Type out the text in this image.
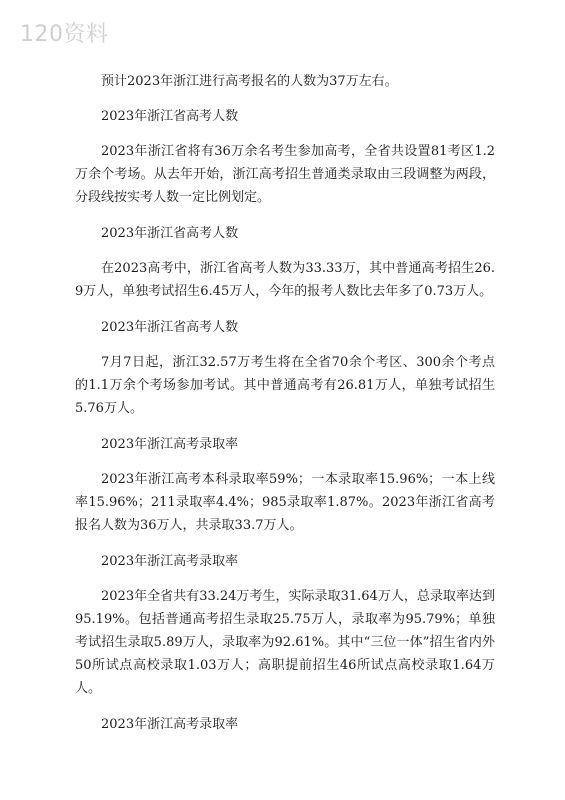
120资料

预计2023年浙江进行高考报名的人数为37万左右。

2023年浙江省高考人数

2023年浙江省将有36万余名考生参加高考，全省共设置81考区1.2万余个考场。从去年开始，浙江高考招生普通类录取由三段调整为两段，分段线按实考人数一定比例划定。

2023年浙江省高考人数

在2023高考中，浙江省高考人数为33.33万，其中普通高考招生26.9万人，单独考试招生6.45万人，今年的报考人数比去年多了0.73万人。

2023年浙江省高考人数

7月7日起，浙江32.57万考生将在全省70余个考区、300余个考点的1.1万余个考场参加考试。其中普通高考有26.81万人，单独考试招生5.76万人。

2023年浙江高考录取率

2023年浙江高考本科录取率59%；一本录取率15.96%；一本上线率15.96%；211录取率4.4%；985录取率1.87%。2023年浙江省高考报名人数为36万人，共录取33.7万人。

2023年浙江高考录取率

2023年全省共有33.24万考生，实际录取31.64万人，总录取率达到95.19%。包括普通高考招生录取25.75万人，录取率为95.79%；单独考试招生录取5.89万人，录取率为92.61%。其中“三位一体”招生省内外50所试点高校录取1.03万人；高职提前招生46所试点高校录取1.64万人。

2023年浙江高考录取率
